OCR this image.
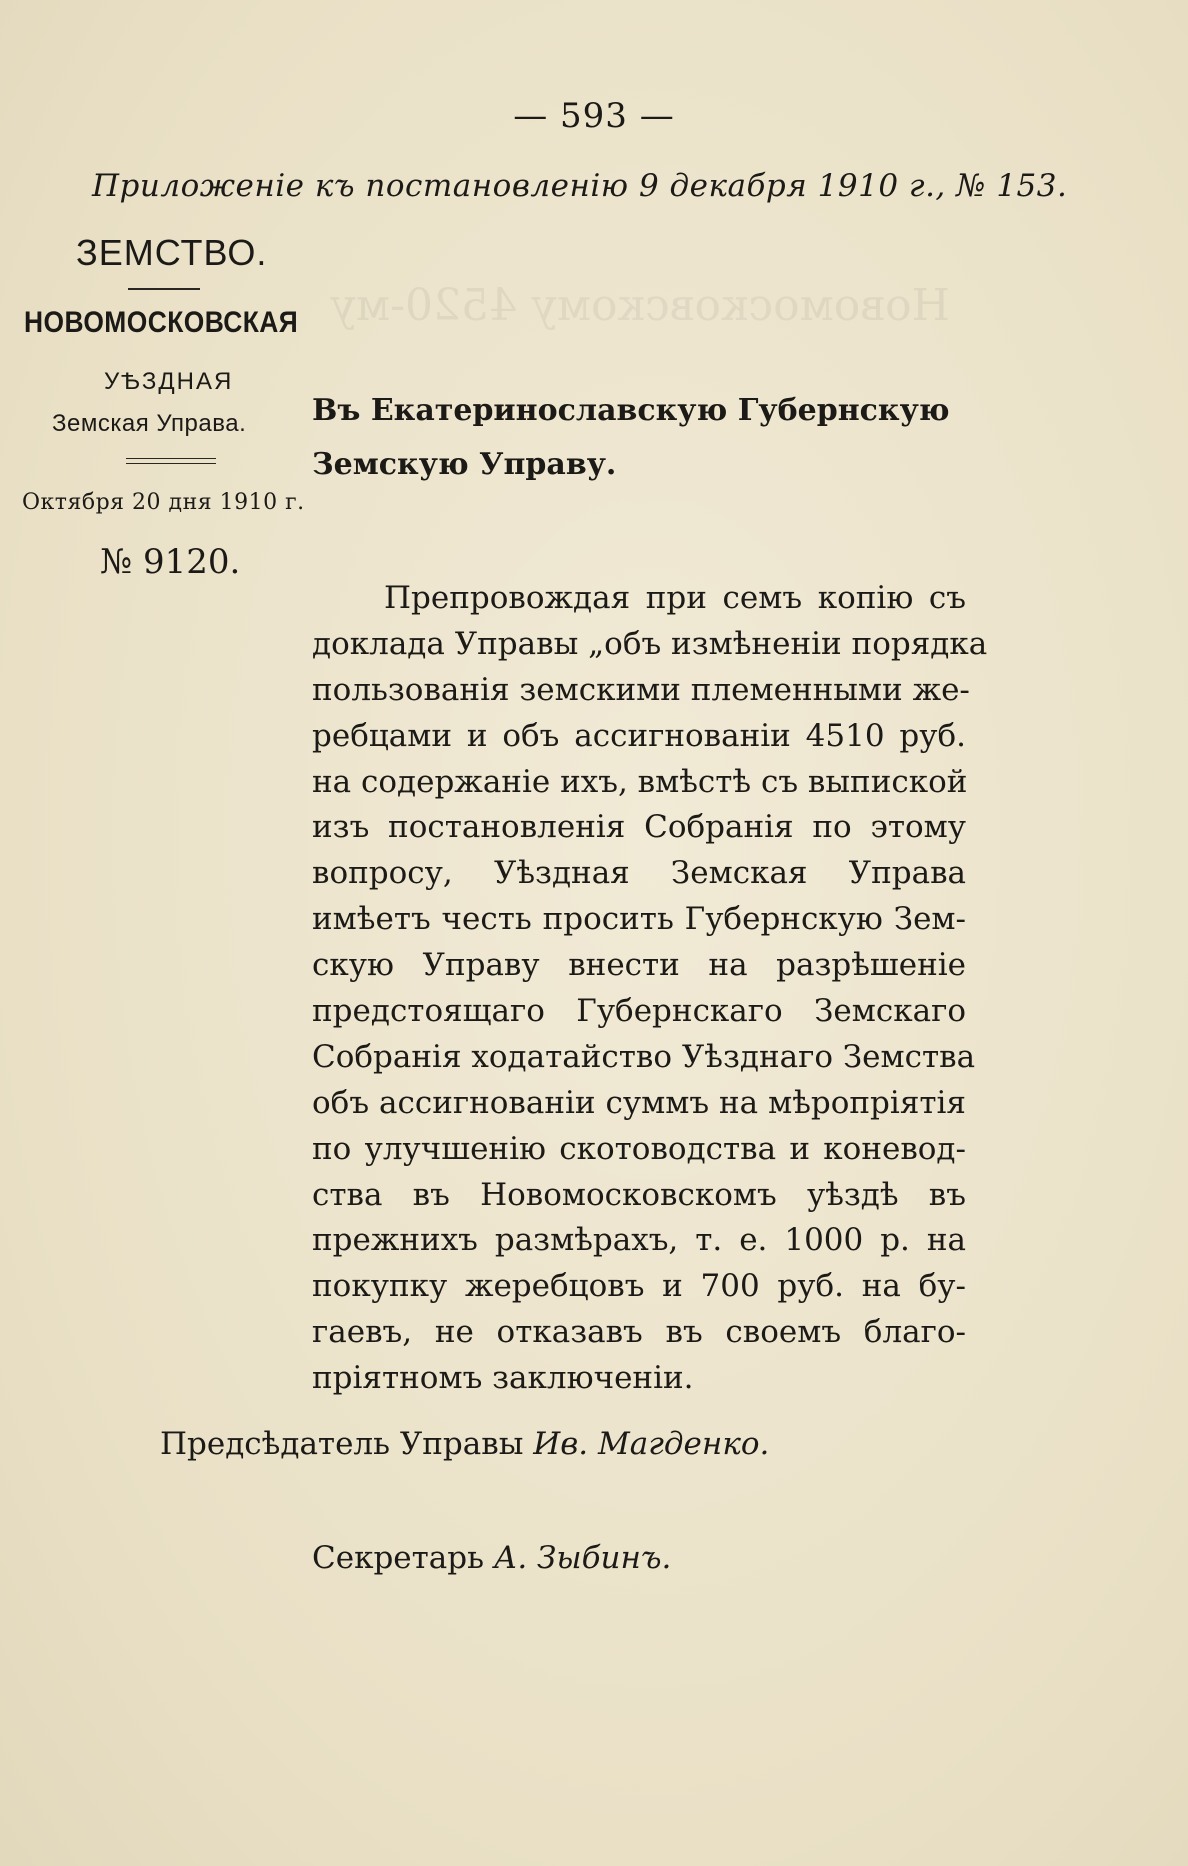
Новомосковскому 4520-му
— 593 —
Приложеніе къ постановленію 9 декабря 1910 г., № 153.
ЗЕМСТВО.
НОВОМОСКОВСКАЯ
УѢЗДНАЯ
Земская Управа.
Октября 20 дня 1910 г.
№ 9120.
Въ Екатеринославскую Губернскую
Земскую Управу.
Препровождая при семъ копію съ
доклада Управы „объ измѣненіи порядка
пользованія земскими племенными же-
ребцами и объ ассигнованіи 4510 руб.
на содержаніе ихъ, вмѣстѣ съ выпиской
изъ постановленія Собранія по этому
вопросу, Уѣздная Земская Управа
имѣетъ честь просить Губернскую Зем-
скую Управу внести на разрѣшеніе
предстоящаго Губернскаго Земскаго
Собранія ходатайство Уѣзднаго Земства
объ ассигнованіи суммъ на мѣропріятія
по улучшенію скотоводства и коневод-
ства въ Новомосковскомъ уѣздѣ въ
прежнихъ размѣрахъ, т. е. 1000 р. на
покупку жеребцовъ и 700 руб. на бу-
гаевъ, не отказавъ въ своемъ благо-
пріятномъ заключеніи.
Предсѣдатель Управы Ив. Магденко.
Секретарь А. Зыбинъ.
